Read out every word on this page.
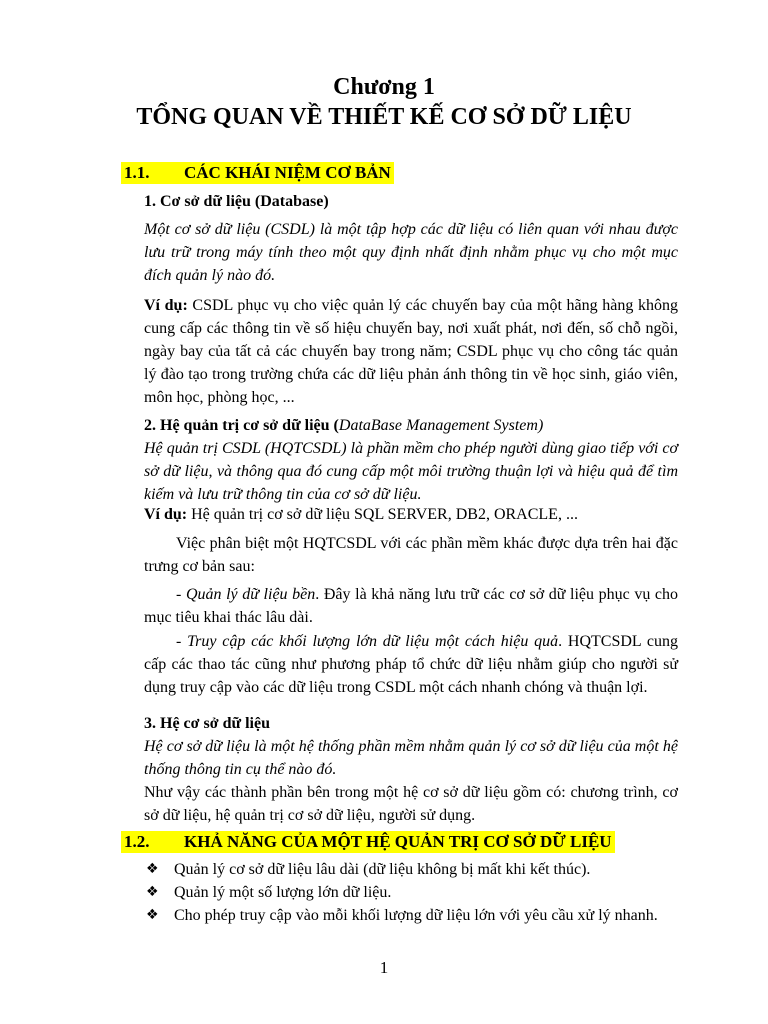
Chương 1
TỔNG QUAN VỀ THIẾT KẾ CƠ SỞ DỮ LIỆU
1.1. CÁC KHÁI NIỆM CƠ BẢN
1. Cơ sở dữ liệu (Database)
Một cơ sở dữ liệu (CSDL) là một tập hợp các dữ liệu có liên quan với nhau được lưu trữ trong máy tính theo một quy định nhất định nhằm phục vụ cho một mục đích quản lý nào đó.
Ví dụ: CSDL phục vụ cho việc quản lý các chuyến bay của một hãng hàng không cung cấp các thông tin về số hiệu chuyến bay, nơi xuất phát, nơi đến, số chỗ ngồi, ngày bay của tất cả các chuyến bay trong năm; CSDL phục vụ cho công tác quản lý đào tạo trong trường chứa các dữ liệu phản ánh thông tin về học sinh, giáo viên, môn học, phòng học, ...
2. Hệ quản trị cơ sở dữ liệu (DataBase Management System)
Hệ quản trị CSDL (HQTCSDL) là phần mềm cho phép người dùng giao tiếp với cơ sở dữ liệu, và thông qua đó cung cấp một môi trường thuận lợi và hiệu quả để tìm kiếm và lưu trữ thông tin của cơ sở dữ liệu.
Ví dụ: Hệ quản trị cơ sở dữ liệu SQL SERVER, DB2, ORACLE, ...
Việc phân biệt một HQTCSDL với các phần mềm khác được dựa trên hai đặc trưng cơ bản sau:
- Quản lý dữ liệu bền. Đây là khả năng lưu trữ các cơ sở dữ liệu phục vụ cho mục tiêu khai thác lâu dài.
- Truy cập các khối lượng lớn dữ liệu một cách hiệu quả. HQTCSDL cung cấp các thao tác cũng như phương pháp tổ chức dữ liệu nhằm giúp cho người sử dụng truy cập vào các dữ liệu trong CSDL một cách nhanh chóng và thuận lợi.
3. Hệ cơ sở dữ liệu
Hệ cơ sở dữ liệu là một hệ thống phần mềm nhằm quản lý cơ sở dữ liệu của một hệ thống thông tin cụ thể nào đó.
Như vậy các thành phần bên trong một hệ cơ sở dữ liệu gồm có: chương trình, cơ sở dữ liệu, hệ quản trị cơ sở dữ liệu, người sử dụng.
1.2. KHẢ NĂNG CỦA MỘT HỆ QUẢN TRỊ CƠ SỞ DỮ LIỆU
❖ Quản lý cơ sở dữ liệu lâu dài (dữ liệu không bị mất khi kết thúc).
❖ Quản lý một số lượng lớn dữ liệu.
❖ Cho phép truy cập vào mỗi khối lượng dữ liệu lớn với yêu cầu xử lý nhanh.
1
